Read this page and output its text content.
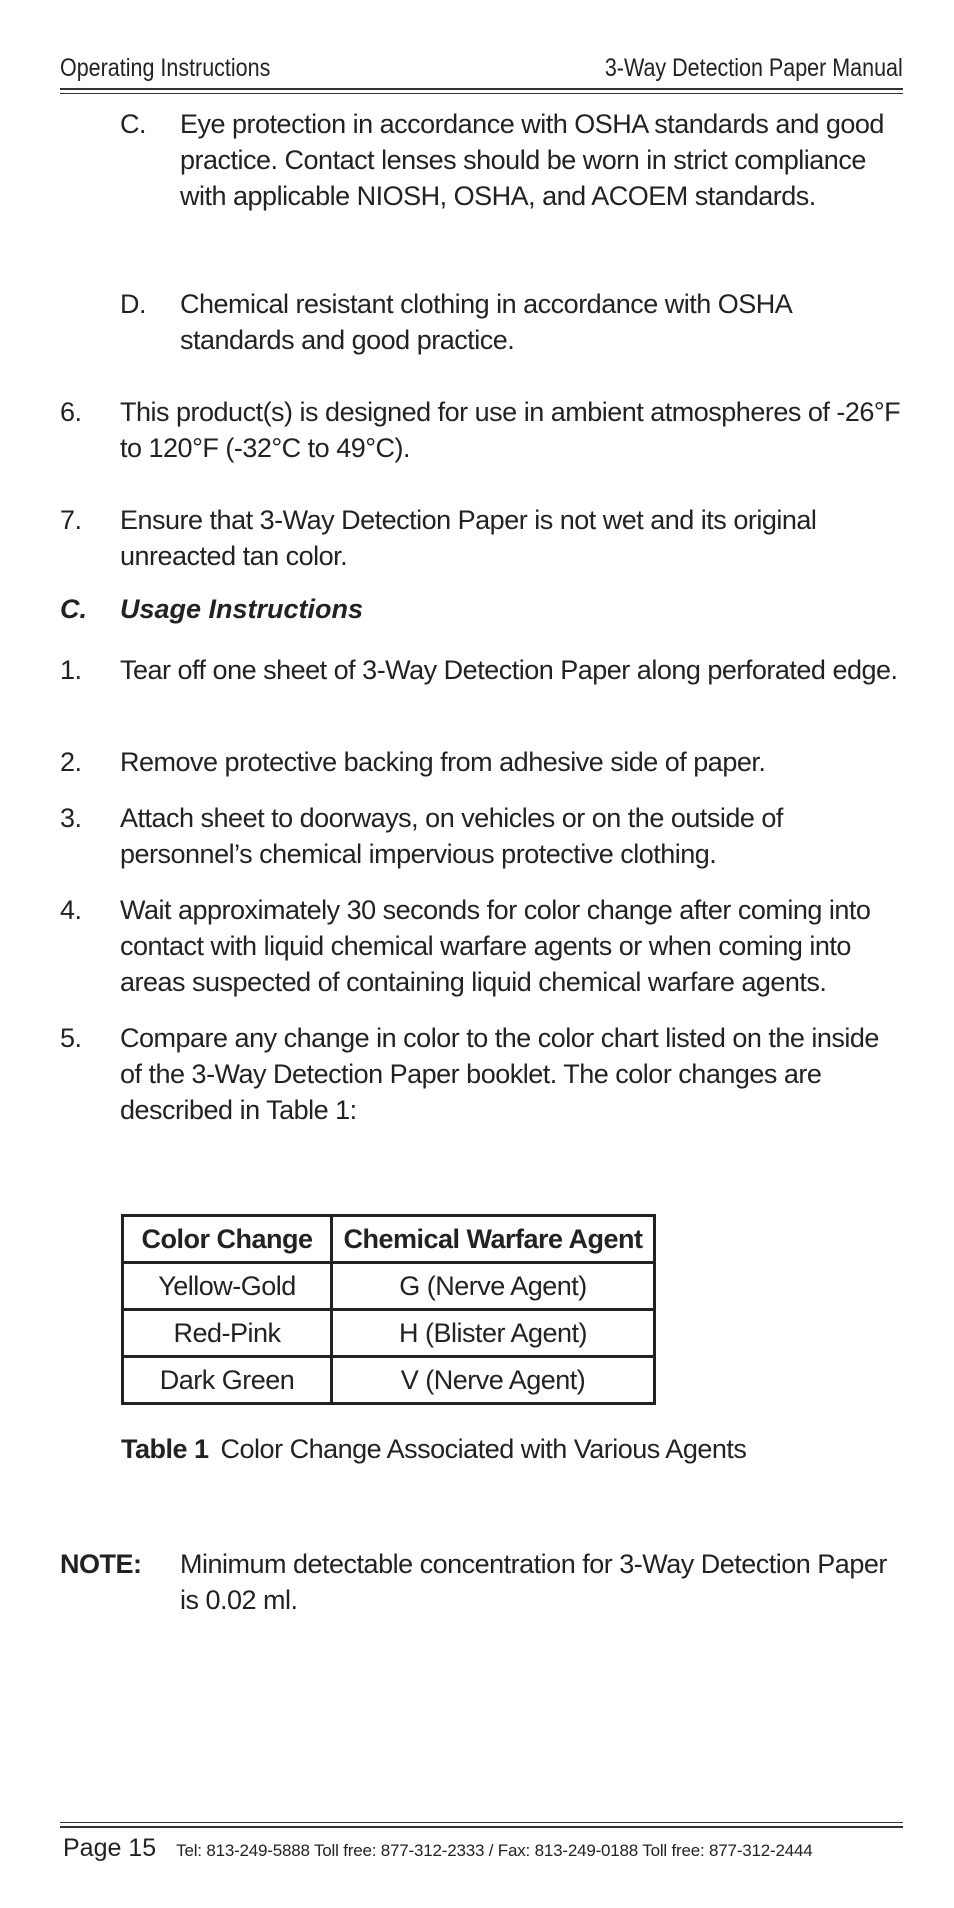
Operating Instructions	3-Way Detection Paper Manual
C.	Eye protection in accordance with OSHA standards and good practice. Contact lenses should be worn in strict compliance with applicable NIOSH, OSHA, and ACOEM standards.
D.	Chemical resistant clothing in accordance with OSHA standards and good practice.
6.	This product(s) is designed for use in ambient atmospheres of -26°F to 120°F (-32°C to 49°C).
7.	Ensure that 3-Way Detection Paper is not wet and its original unreacted tan color.
C.	Usage Instructions
1.	Tear off one sheet of 3-Way Detection Paper along perforated edge.
2.	Remove protective backing from adhesive side of paper.
3.	Attach sheet to doorways, on vehicles or on the outside of personnel’s chemical impervious protective clothing.
4.	Wait approximately 30 seconds for color change after coming into contact with liquid chemical warfare agents or when coming into areas suspected of containing liquid chemical warfare agents.
5.	Compare any change in color to the color chart listed on the inside of the 3-Way Detection Paper booklet. The color changes are described in Table 1:
Color Change	Chemical Warfare Agent
Yellow-Gold	G (Nerve Agent)
Red-Pink	H (Blister Agent)
Dark Green	V (Nerve Agent)
Table 1 Color Change Associated with Various Agents
NOTE:	Minimum detectable concentration for 3-Way Detection Paper is 0.02 ml.
Page 15 Tel: 813-249-5888 Toll free: 877-312-2333 / Fax: 813-249-0188 Toll free: 877-312-2444
